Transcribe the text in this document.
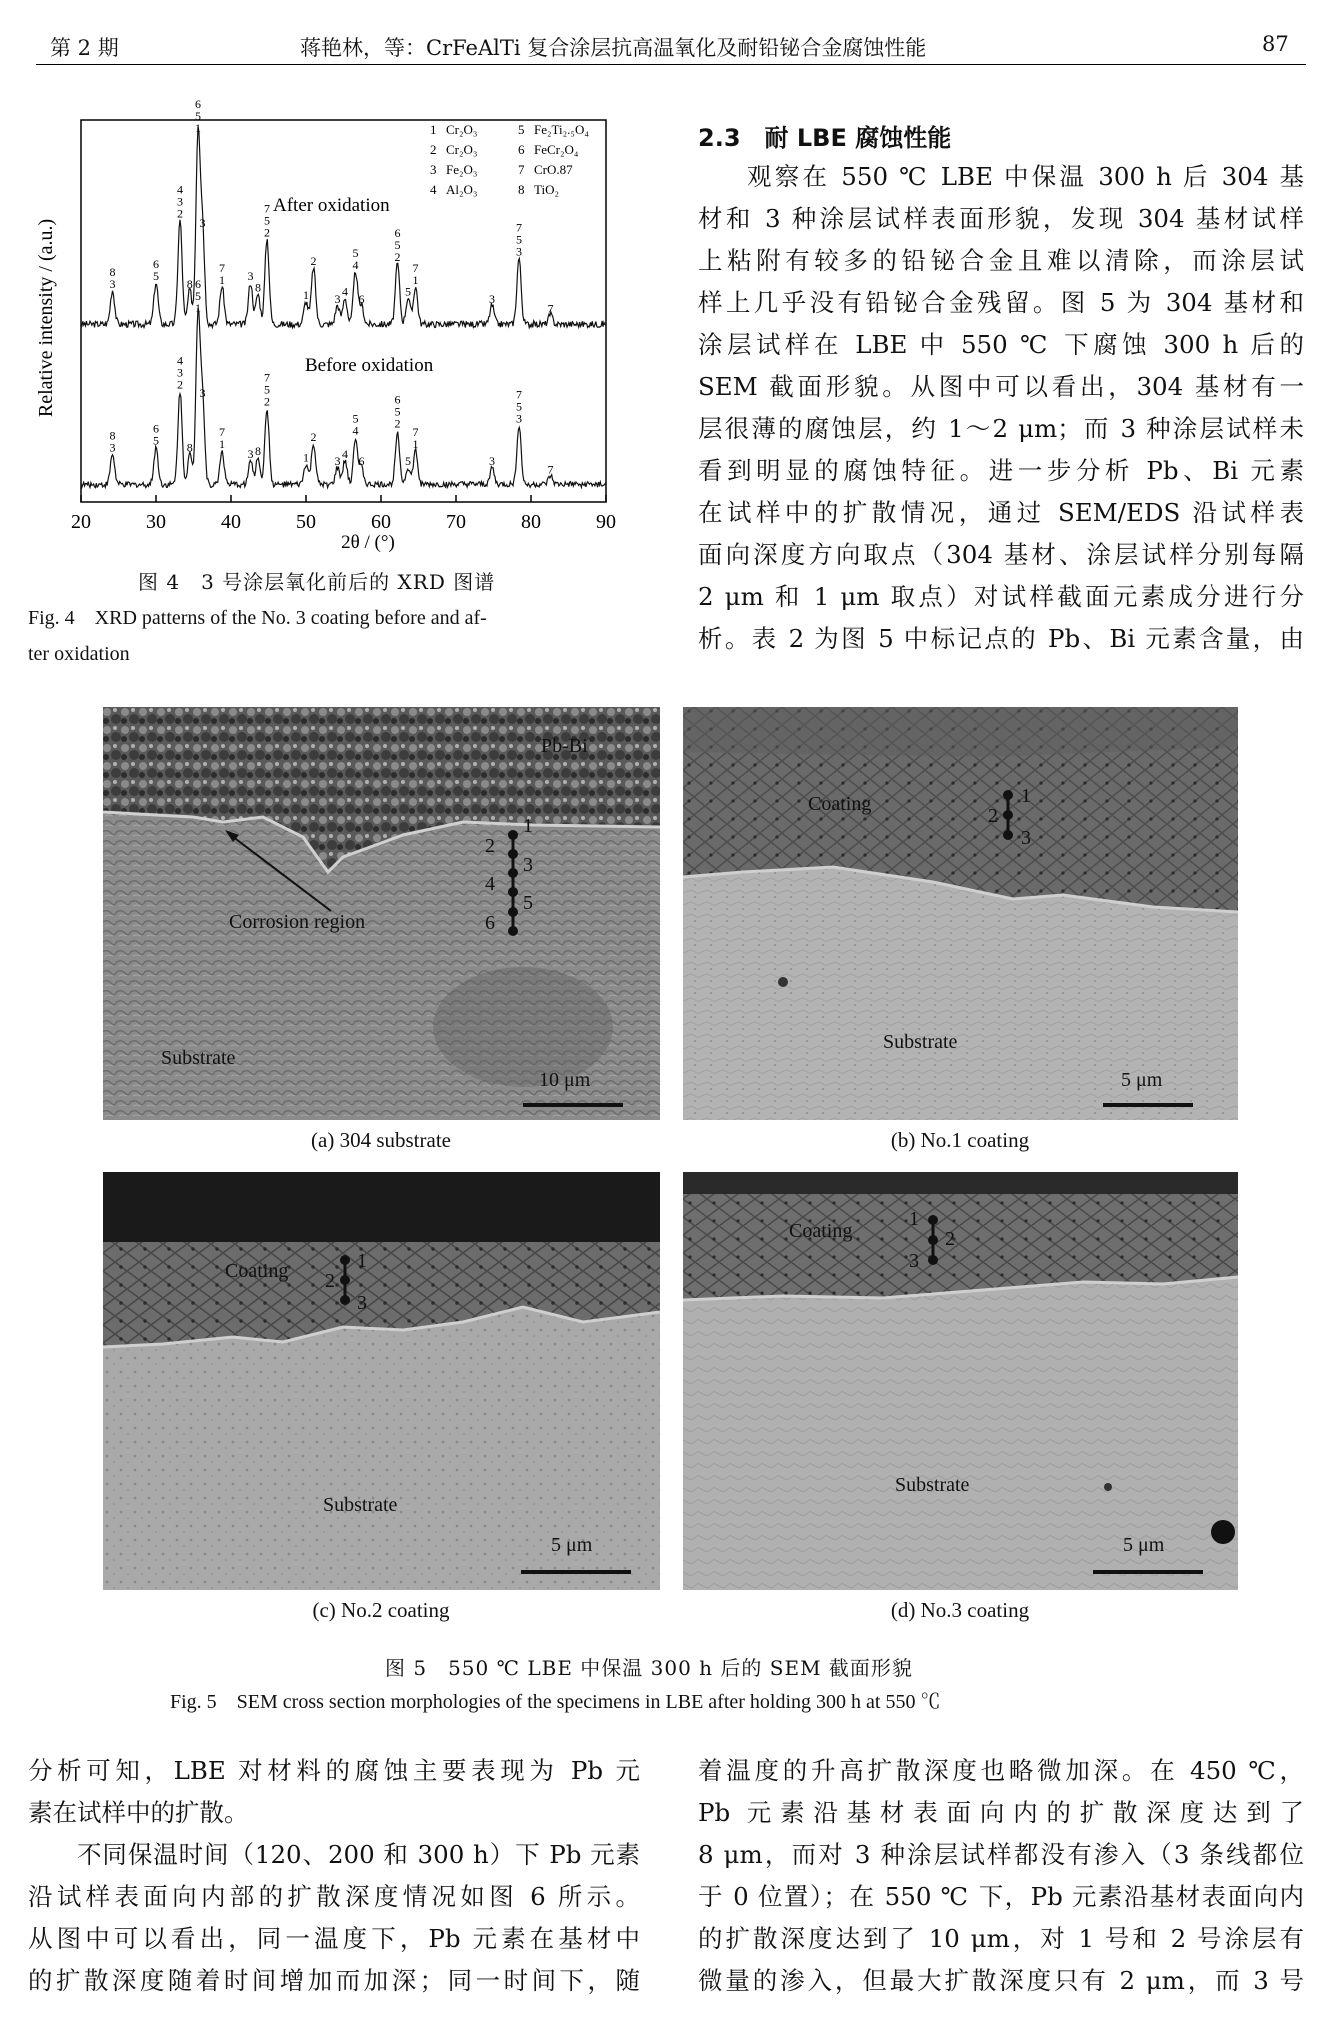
第 2 期	蒋艳林，等：CrFeAlTi 复合涂层抗高温氧化及耐铅铋合金腐蚀性能	87
Relative intensity / (a.u.)
2θ / (°)
20	30	40	50	60	70	80	90
8
3
6
5
4
3
2
8
6
5
1
3
7
1 3
8
7
5
2
1
2
3
4
5
4
6
6
5
2
5
7
1
3
7
5
3
7
8
3
6
5
4
3
2
8
6
5
1
3
7
1
3 8
7
5
2
1
2
3 4
5
4
6
6
5
2
5
7
1
3
7
5
3
7
1 Cr₂O₃
2 Cr₂O₃
3 Fe₂O₃
4 Al₂O₃
5 Fe₂Ti₂.₅O₄
6 FeCr₂O₄
7 CrO.87
8 TiO₂
After oxidation
Before oxidation
图 4　3 号涂层氧化前后的 XRD 图谱
Fig. 4　XRD patterns of the No. 3 coating before and af-
ter oxidation
2.3　耐 LBE 腐蚀性能
观察在 550 ℃ LBE 中保温 300 h 后 304 基
材和 3 种涂层试样表面形貌，发现 304 基材试样
上粘附有较多的铅铋合金且难以清除，而涂层试
样上几乎没有铅铋合金残留。图 5 为 304 基材和
涂层试样在 LBE 中 550 ℃ 下腐蚀 300 h 后的
SEM 截面形貌。从图中可以看出，304 基材有一
层很薄的腐蚀层，约 1～2 μm；而 3 种涂层试样未
看到明显的腐蚀特征。进一步分析 Pb、Bi 元素
在试样中的扩散情况，通过 SEM/EDS 沿试样表
面向深度方向取点（304 基材、涂层试样分别每隔
2 μm 和 1 μm 取点）对试样截面元素成分进行分
析。表 2 为图 5 中标记点的 Pb、Bi 元素含量，由
Pb-Bi
Corrosion region
Substrate
10 μm
1
2
3
4
5
6
(a) 304 substrate
Coating
Substrate
5 μm
1
2
3
(b) No.1 coating
Coating
Substrate
5 μm
1
2
3
(c) No.2 coating
Coating
Substrate
5 μm
1
2
3
(d) No.3 coating
图 5　550 ℃ LBE 中保温 300 h 后的 SEM 截面形貌
Fig. 5　SEM cross section morphologies of the specimens in LBE after holding 300 h at 550 ℃
分析可知，LBE 对材料的腐蚀主要表现为 Pb 元
素在试样中的扩散。
不同保温时间（120、200 和 300 h）下 Pb 元素
沿试样表面向内部的扩散深度情况如图 6 所示。
从图中可以看出，同一温度下，Pb 元素在基材中
的扩散深度随着时间增加而加深；同一时间下，随
着温度的升高扩散深度也略微加深。在 450 ℃，
Pb 元素沿基材表面向内的扩散深度达到了
8 μm，而对 3 种涂层试样都没有渗入（3 条线都位
于 0 位置）；在 550 ℃ 下，Pb 元素沿基材表面向内
的扩散深度达到了 10 μm，对 1 号和 2 号涂层有
微量的渗入，但最大扩散深度只有 2 μm，而 3 号
